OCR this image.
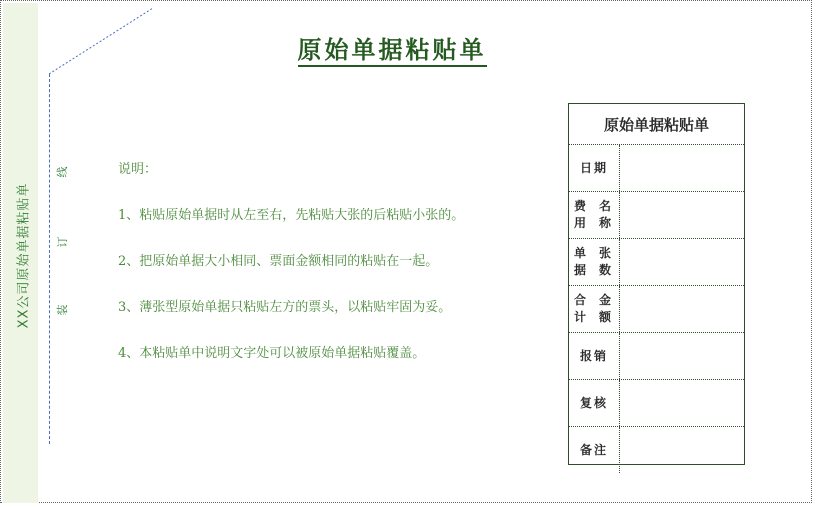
XX公司原始单据粘贴单
线
订
装
原始单据粘贴单
说明：
1、粘贴原始单据时从左至右，先粘贴大张的后粘贴小张的。
2、把原始单据大小相同、票面金额相同的粘贴在一起。
3、薄张型原始单据只粘贴左方的票头，以粘贴牢固为妥。
4、本粘贴单中说明文字处可以被原始单据粘贴覆盖。
原始单据粘贴单
日期
费用

名称
单据

张数
合计

金额
报销
复核
备注
